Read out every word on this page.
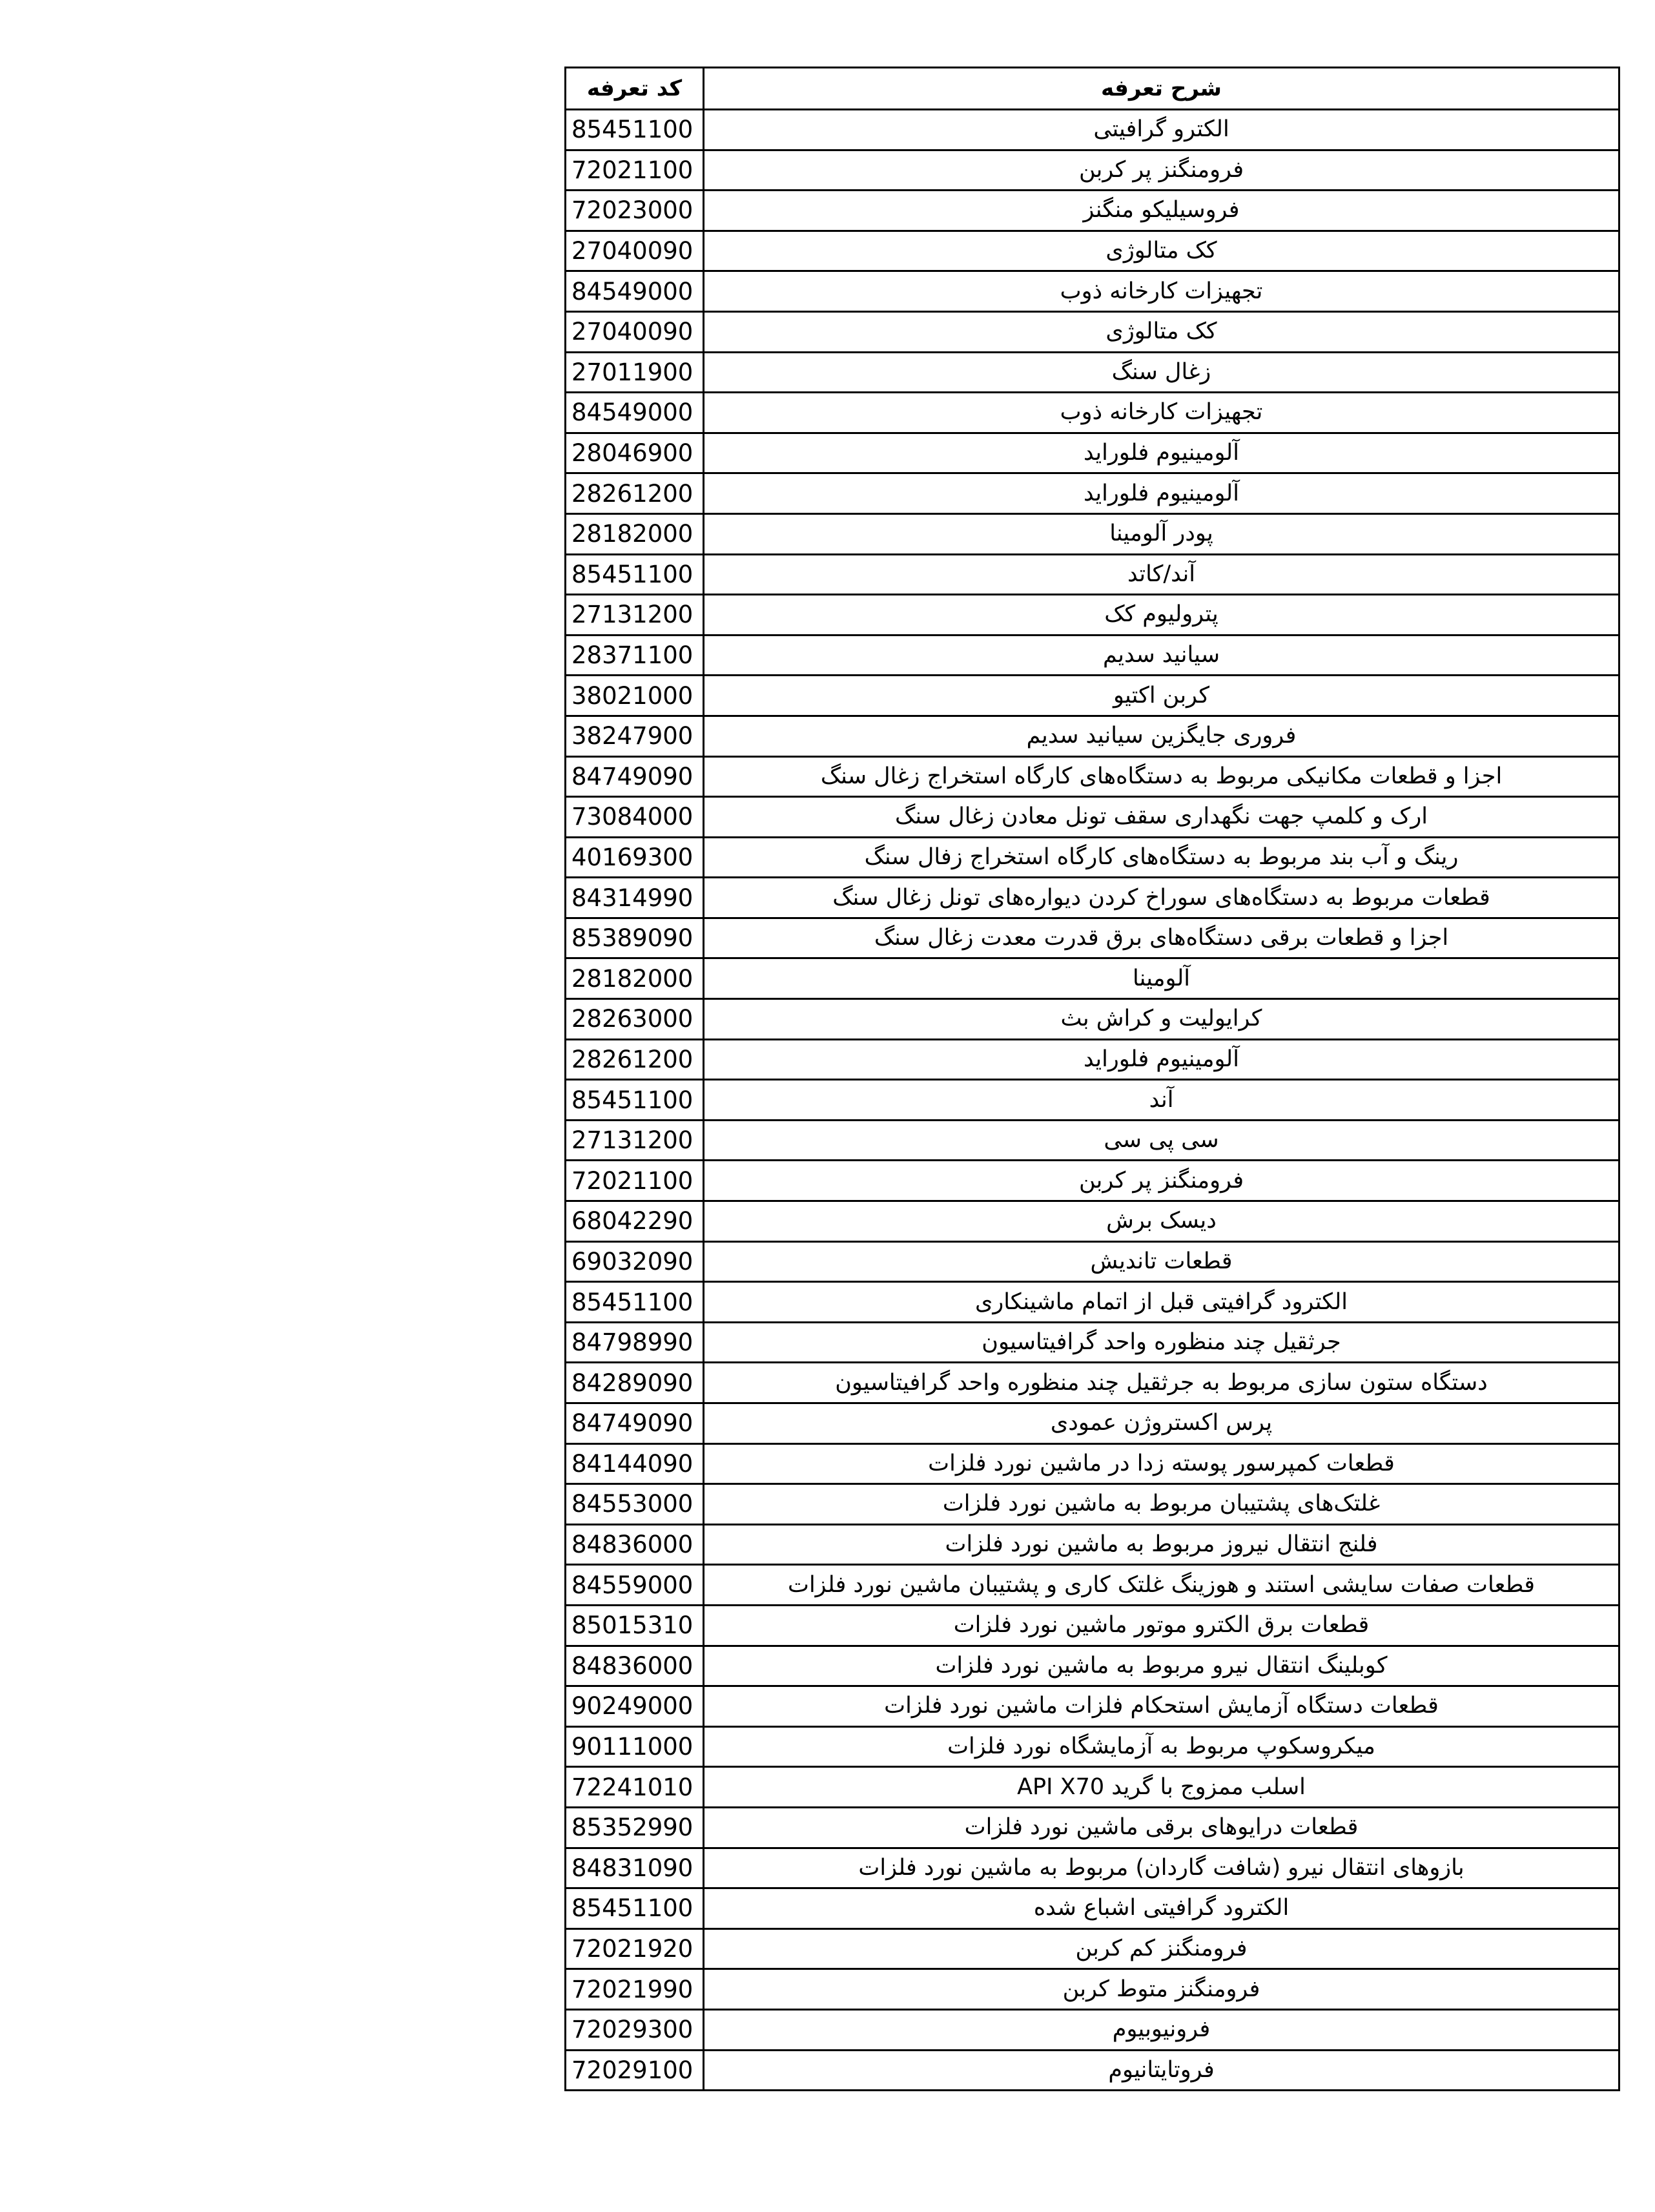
کد تعرفه	شرح تعرفه
85451100	الکترو گرافیتی
72021100	فرومنگنز پر کربن
72023000	فروسیلیکو منگنز
27040090	کک متالوژی
84549000	تجهیزات کارخانه ذوب
27040090	کک متالوژی
27011900	زغال سنگ
84549000	تجهیزات کارخانه ذوب
28046900	آلومینیوم فلوراید
28261200	آلومینیوم فلوراید
28182000	پودر آلومینا
85451100	آند/کاتد
27131200	پترولیوم کک
28371100	سیانید سدیم
38021000	کربن اکتیو
38247900	فروری جایگزین سیانید سدیم
84749090	اجزا و قطعات مکانیکی مربوط به دستگاه‌های کارگاه استخراج زغال سنگ
73084000	ارک و کلمپ جهت نگهداری سقف تونل معادن زغال سنگ
40169300	رینگ و آب بند مربوط به دستگاه‌های کارگاه استخراج زفال سنگ
84314990	قطعات مربوط به دستگاه‌های سوراخ کردن دیواره‌های تونل زغال سنگ
85389090	اجزا و قطعات برقی دستگاه‌های برق قدرت معدت زغال سنگ
28182000	آلومینا
28263000	کرایولیت و کراش بث
28261200	آلومینیوم فلوراید
85451100	آند
27131200	سی پی سی
72021100	فرومنگنز پر کربن
68042290	دیسک برش
69032090	قطعات تاندیش
85451100	الکترود گرافیتی قبل از اتمام ماشینکاری
84798990	جرثقیل چند منظوره واحد گرافیتاسیون
84289090	دستگاه ستون سازی مربوط به جرثقیل چند منظوره واحد گرافیتاسیون
84749090	پرس اکستروژن عمودی
84144090	قطعات کمپرسور پوسته زدا در ماشین نورد فلزات
84553000	غلتک‌های پشتیبان مربوط به ماشین نورد فلزات
84836000	فلنج انتقال نیروز مربوط به ماشین نورد فلزات
84559000	قطعات صفات سایشی استند و هوزینگ غلتک کاری و پشتیبان ماشین نورد فلزات
85015310	قطعات برق الکترو موتور ماشین نورد فلزات
84836000	کوبلینگ انتقال نیرو مربوط به ماشین نورد فلزات
90249000	قطعات دستگاه آزمایش استحکام فلزات ماشین نورد فلزات
90111000	میکروسکوپ مربوط به آزمایشگاه نورد فلزات
72241010	اسلب ممزوج با گرید API X70
85352990	قطعات درایوهای برقی ماشین نورد فلزات
84831090	بازوهای انتقال نیرو (شافت گاردان) مربوط به ماشین نورد فلزات
85451100	الکترود گرافیتی اشباع شده
72021920	فرومنگنز کم کربن
72021990	فرومنگنز متوط کربن
72029300	فرونیوبیوم
72029100	فروتایتانیوم
